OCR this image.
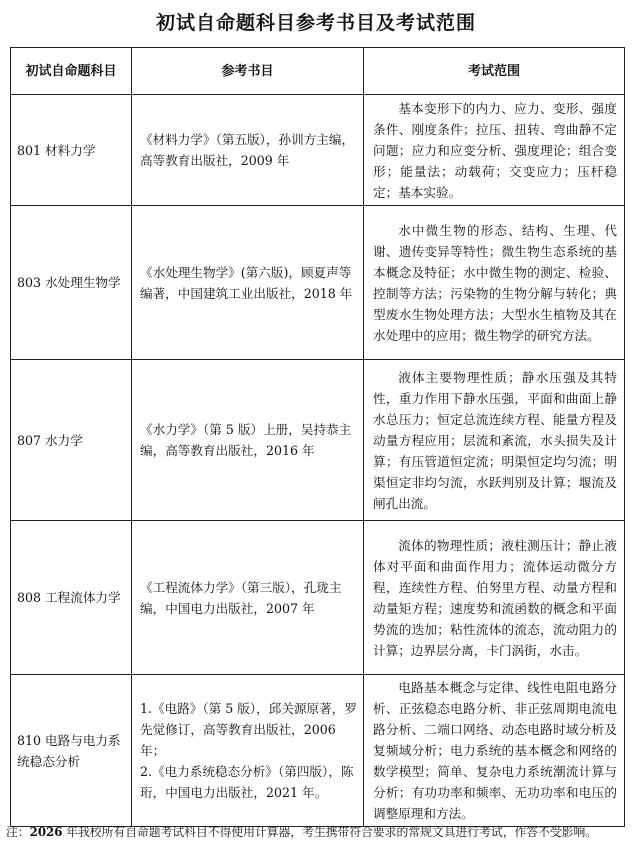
初试自命题科目参考书目及考试范围
初试自命题科目	参考书目	考试范围
801 材料力学	《材料力学》（第五版），孙训方主编，高等教育出版社，2009 年	基本变形下的内力、应力、变形、强度条件、刚度条件；拉压、扭转、弯曲静不定问题；应力和应变分析、强度理论；组合变形；能量法；动载荷；交变应力；压杆稳定；基本实验。

803 水处理生物学	《水处理生物学》(第六版)，顾夏声等编著，中国建筑工业出版社，2018 年	水中微生物的形态、结构、生理、代谢、遗传变异等特性；微生物生态系统的基本概念及特征；水中微生物的测定、检验、控制等方法；污染物的生物分解与转化；典型废水生物处理方法；大型水生植物及其在水处理中的应用；微生物学的研究方法。

807 水力学	《水力学》（第 5 版）上册，吴持恭主编，高等教育出版社，2016 年	液体主要物理性质；静水压强及其特性，重力作用下静水压强，平面和曲面上静水总压力；恒定总流连续方程、能量方程及动量方程应用；层流和紊流，水头损失及计算；有压管道恒定流；明渠恒定均匀流；明渠恒定非均匀流，水跃判别及计算；堰流及闸孔出流。

808 工程流体力学	《工程流体力学》（第三版），孔珑主编，中国电力出版社，2007 年	流体的物理性质；液柱测压计；静止液体对平面和曲面作用力；流体运动微分方程，连续性方程、伯努里方程、动量方程和动量矩方程；速度势和流函数的概念和平面势流的迭加；粘性流体的流态，流动阻力的计算；边界层分离，卡门涡街，水击。

810 电路与电力系统稳态分析	1.《电路》（第 5 版），邱关源原著，罗先觉修订，高等教育出版社，2006 年；
2.《电力系统稳态分析》（第四版），陈珩，中国电力出版社，2021 年。	电路基本概念与定律、线性电阻电路分析、正弦稳态电路分析、非正弦周期电流电路分析、二端口网络、动态电路时域分析及复频域分析；电力系统的基本概念和网络的数学模型；简单、复杂电力系统潮流计算与分析；有功功率和频率、无功功率和电压的调整原理和方法。
注：2026 年我校所有自命题考试科目不得使用计算器，考生携带符合要求的常规文具进行考试，作答不受影响。
